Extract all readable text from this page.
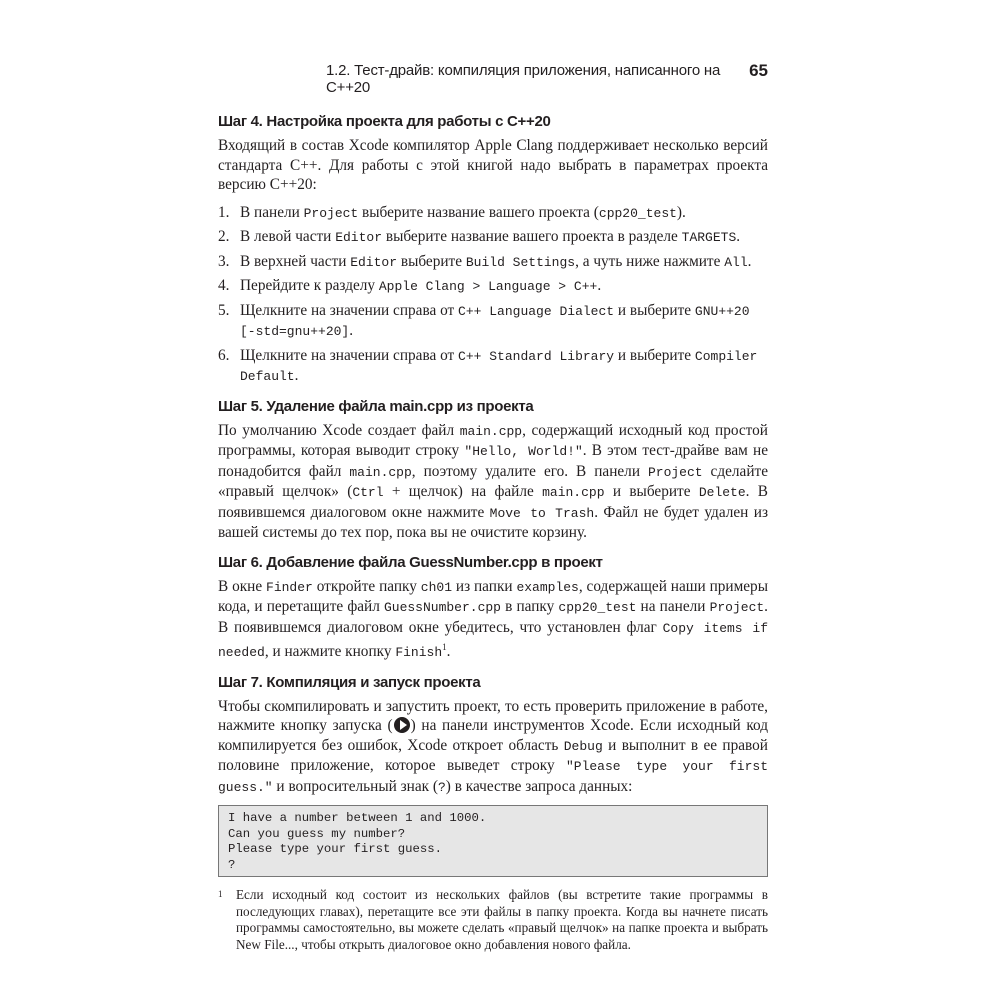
1.2. Тест-драйв: компиляция приложения, написанного на C++20
65
Шаг 4. Настройка проекта для работы с C++20

Входящий в состав Xcode компилятор Apple Clang поддерживает несколько версий стандарта C++. Для работы с этой книгой надо выбрать в параметрах проекта версию C++20:

1. В панели Project выберите название вашего проекта (cpp20_test).
2. В левой части Editor выберите название вашего проекта в разделе TARGETS.
3. В верхней части Editor выберите Build Settings, а чуть ниже нажмите All.
4. Перейдите к разделу Apple Clang > Language > C++.
5. Щелкните на значении справа от C++ Language Dialect и выберите GNU++20 [-std=gnu++20].
6. Щелкните на значении справа от C++ Standard Library и выберите Compiler Default.
Шаг 5. Удаление файла main.cpp из проекта

По умолчанию Xcode создает файл main.cpp, содержащий исходный код простой программы, которая выводит строку "Hello, World!". В этом тест-драйве вам не понадобится файл main.cpp, поэтому удалите его. В панели Project сделайте «правый щелчок» (Ctrl + щелчок) на файле main.cpp и выберите Delete. В появившемся диалоговом окне нажмите Move to Trash. Файл не будет удален из вашей системы до тех пор, пока вы не очистите корзину.

Шаг 6. Добавление файла GuessNumber.cpp в проект

В окне Finder откройте папку ch01 из папки examples, содержащей наши примеры кода, и перетащите файл GuessNumber.cpp в папку cpp20_test на панели Project. В появившемся диалоговом окне убедитесь, что установлен флаг Copy items if needed, и нажмите кнопку Finish$^1$.

Шаг 7. Компиляция и запуск проекта

Чтобы скомпилировать и запустить проект, то есть проверить приложение в работе, нажмите кнопку запуска ( ) на панели инструментов Xcode. Если исходный код компилируется без ошибок, Xcode откроет область Debug и выполнит в ее правой половине приложение, которое выведет строку "Please type your first guess." и вопросительный знак (?) в качестве запроса данных:

I have a number between 1 and 1000.
Can you guess my number?
Please type your first guess.
?
1 Если исходный код состоит из нескольких файлов (вы встретите такие программы в последующих главах), перетащите все эти файлы в папку проекта. Когда вы начнете писать программы самостоятельно, вы можете сделать «правый щелчок» на папке проекта и выбрать New File..., чтобы открыть диалоговое окно добавления нового файла.
